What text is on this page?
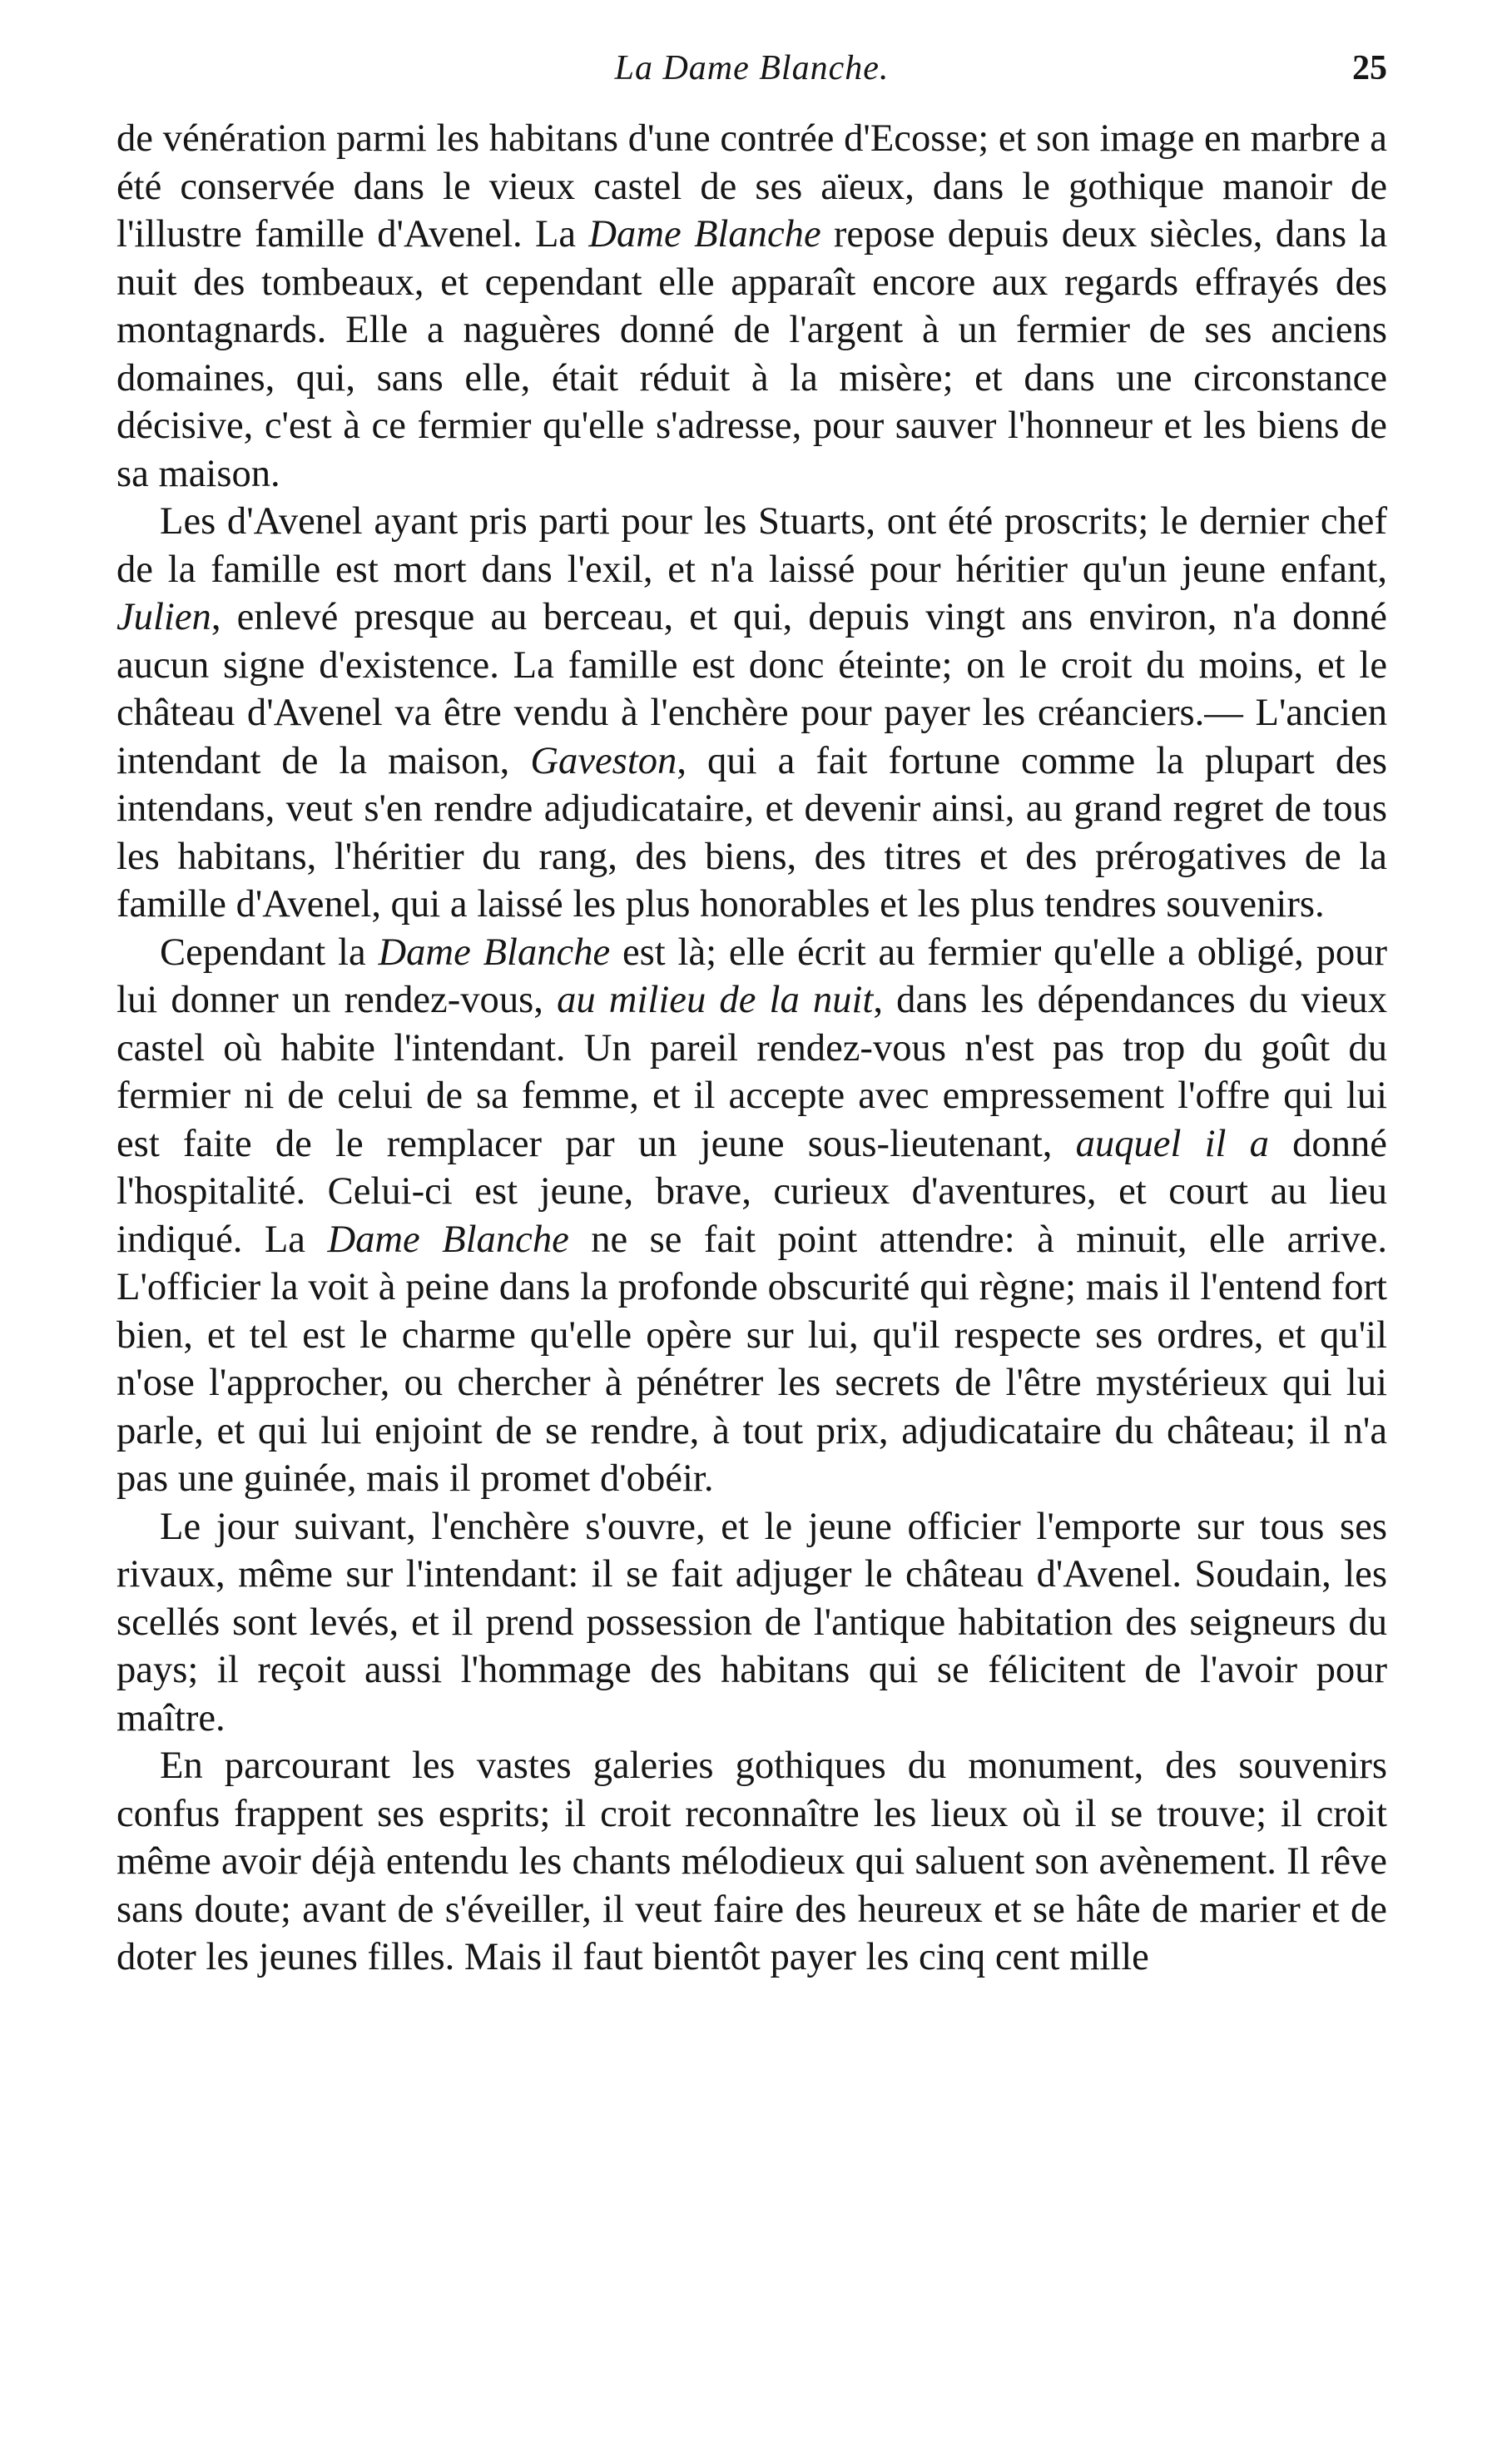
La Dame Blanche.	25

de vénération parmi les habitans d'une contrée d'Ecosse; et son image en marbre a été conservée dans le vieux castel de ses aïeux, dans le gothique manoir de l'illustre famille d'Avenel. La Dame Blanche repose depuis deux siècles, dans la nuit des tombeaux, et cependant elle apparaît encore aux regards effrayés des montagnards. Elle a naguères donné de l'argent à un fermier de ses anciens domaines, qui, sans elle, était réduit à la misère; et dans une circonstance décisive, c'est à ce fermier qu'elle s'adresse, pour sauver l'honneur et les biens de sa maison.

Les d'Avenel ayant pris parti pour les Stuarts, ont été proscrits; le dernier chef de la famille est mort dans l'exil, et n'a laissé pour héritier qu'un jeune enfant, Julien, enlevé presque au berceau, et qui, depuis vingt ans environ, n'a donné aucun signe d'existence. La famille est donc éteinte; on le croit du moins, et le château d'Avenel va être vendu à l'enchère pour payer les créanciers.— L'ancien intendant de la maison, Gaveston, qui a fait fortune comme la plupart des intendans, veut s'en rendre adjudicataire, et devenir ainsi, au grand regret de tous les habitans, l'héritier du rang, des biens, des titres et des prérogatives de la famille d'Avenel, qui a laissé les plus honorables et les plus tendres souvenirs.

Cependant la Dame Blanche est là; elle écrit au fermier qu'elle a obligé, pour lui donner un rendez-vous, au milieu de la nuit, dans les dépendances du vieux castel où habite l'intendant. Un pareil rendez-vous n'est pas trop du goût du fermier ni de celui de sa femme, et il accepte avec empressement l'offre qui lui est faite de le remplacer par un jeune sous-lieutenant, auquel il a donné l'hospitalité. Celui-ci est jeune, brave, curieux d'aventures, et court au lieu indiqué. La Dame Blanche ne se fait point attendre: à minuit, elle arrive. L'officier la voit à peine dans la profonde obscurité qui règne; mais il l'entend fort bien, et tel est le charme qu'elle opère sur lui, qu'il respecte ses ordres, et qu'il n'ose l'approcher, ou chercher à pénétrer les secrets de l'être mystérieux qui lui parle, et qui lui enjoint de se rendre, à tout prix, adjudicataire du château; il n'a pas une guinée, mais il promet d'obéir.

Le jour suivant, l'enchère s'ouvre, et le jeune officier l'emporte sur tous ses rivaux, même sur l'intendant: il se fait adjuger le château d'Avenel. Soudain, les scellés sont levés, et il prend possession de l'antique habitation des seigneurs du pays; il reçoit aussi l'hommage des habitans qui se félicitent de l'avoir pour maître.

En parcourant les vastes galeries gothiques du monument, des souvenirs confus frappent ses esprits; il croit reconnaître les lieux où il se trouve; il croit même avoir déjà entendu les chants mélodieux qui saluent son avènement. Il rêve sans doute; avant de s'éveiller, il veut faire des heureux et se hâte de marier et de doter les jeunes filles. Mais il faut bientôt payer les cinq cent mille
